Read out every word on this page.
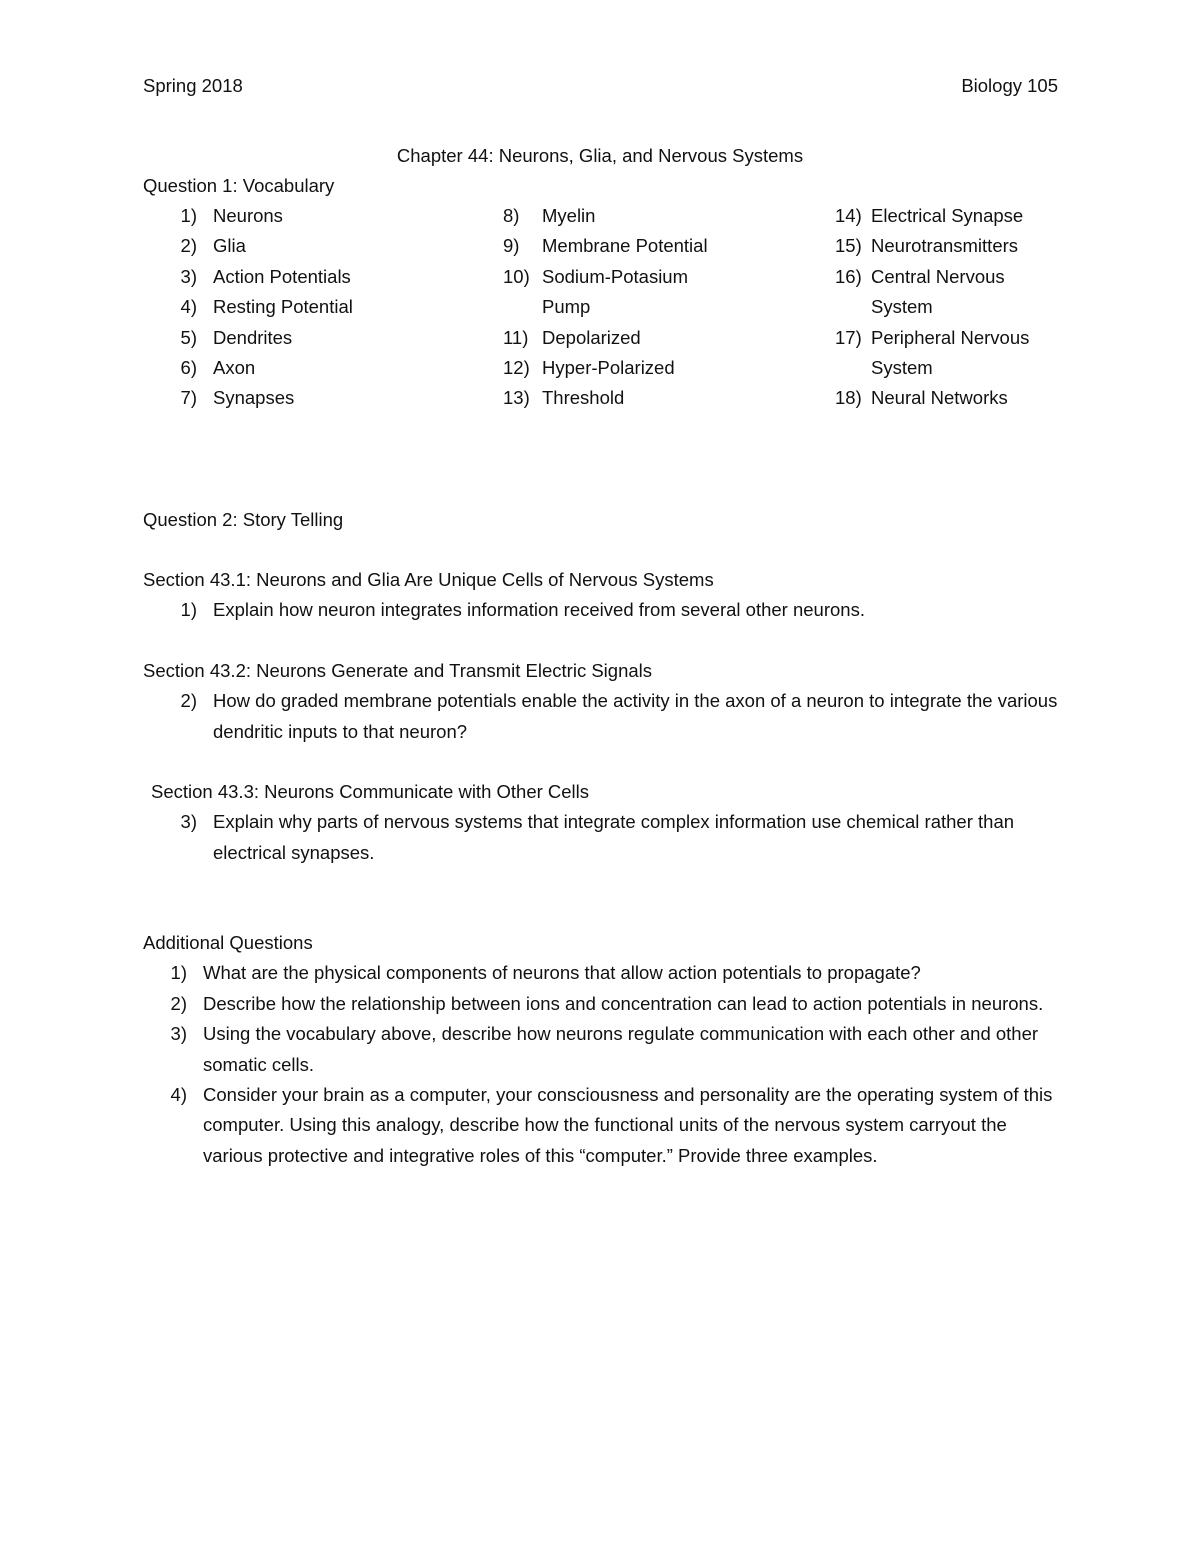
Spring 2018	Biology 105
Chapter 44: Neurons, Glia, and Nervous Systems
Question 1: Vocabulary
1) Neurons
2) Glia
3) Action Potentials
4) Resting Potential
5) Dendrites
6) Axon
7) Synapses
8)	Myelin
9)	Membrane Potential
10) Sodium-Potasium Pump
11) Depolarized
12) Hyper-Polarized
13) Threshold
14) Electrical Synapse
15) Neurotransmitters
16) Central Nervous System
17) Peripheral Nervous System
18) Neural Networks
Question 2: Story Telling
Section 43.1: Neurons and Glia Are Unique Cells of Nervous Systems
1) Explain how neuron integrates information received from several other neurons.
Section 43.2: Neurons Generate and Transmit Electric Signals
2) How do graded membrane potentials enable the activity in the axon of a neuron to integrate the various dendritic inputs to that neuron?
Section 43.3: Neurons Communicate with Other Cells
3) Explain why parts of nervous systems that integrate complex information use chemical rather than electrical synapses.
Additional Questions
1) What are the physical components of neurons that allow action potentials to propagate?
2) Describe how the relationship between ions and concentration can lead to action potentials in neurons.
3) Using the vocabulary above, describe how neurons regulate communication with each other and other somatic cells.
4) Consider your brain as a computer, your consciousness and personality are the operating system of this computer. Using this analogy, describe how the functional units of the nervous system carryout the various protective and integrative roles of this “computer.” Provide three examples.
